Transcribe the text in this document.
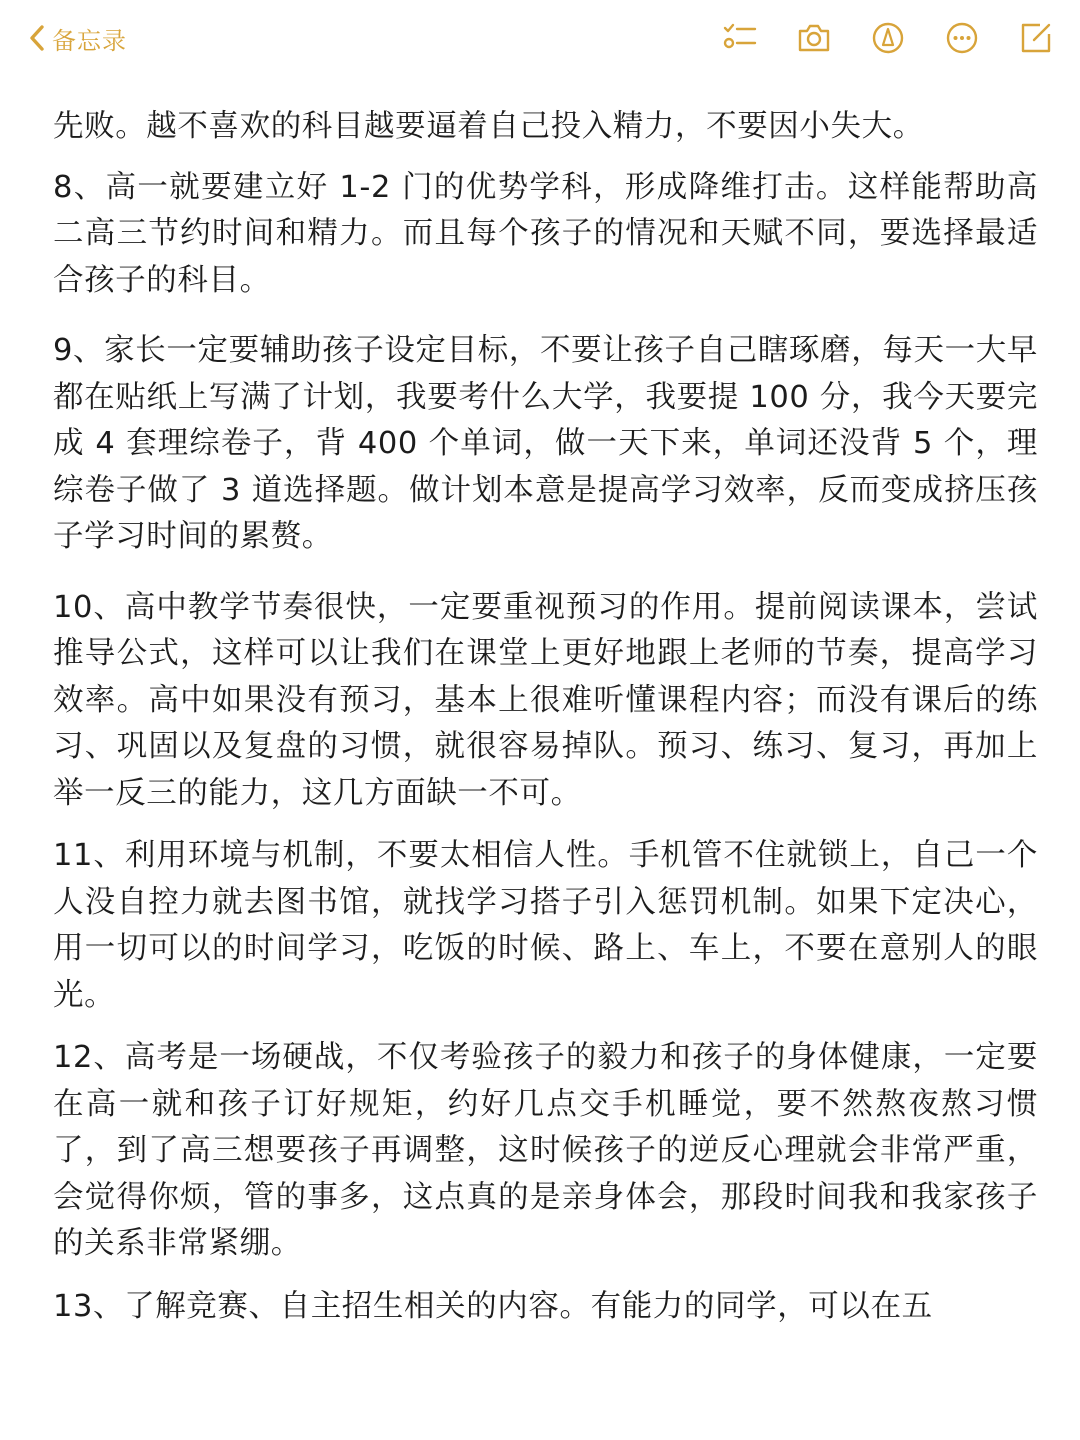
备忘录

先败。越不喜欢的科目越要逼着自己投入精力，不要因小失大。

8、高一就要建立好 1-2 门的优势学科，形成降维打击。这样能帮助高二高三节约时间和精力。而且每个孩子的情况和天赋不同，要选择最适合孩子的科目。

9、家长一定要辅助孩子设定目标，不要让孩子自己瞎琢磨，每天一大早都在贴纸上写满了计划，我要考什么大学，我要提 100 分，我今天要完成 4 套理综卷子，背 400 个单词，做一天下来，单词还没背 5 个，理综卷子做了 3 道选择题。做计划本意是提高学习效率，反而变成挤压孩子学习时间的累赘。

10、高中教学节奏很快，一定要重视预习的作用。提前阅读课本，尝试推导公式，这样可以让我们在课堂上更好地跟上老师的节奏，提高学习效率。高中如果没有预习，基本上很难听懂课程内容；而没有课后的练习、巩固以及复盘的习惯，就很容易掉队。预习、练习、复习，再加上举一反三的能力，这几方面缺一不可。

11、利用环境与机制，不要太相信人性。手机管不住就锁上，自己一个人没自控力就去图书馆，就找学习搭子引入惩罚机制。如果下定决心，用一切可以的时间学习，吃饭的时候、路上、车上，不要在意别人的眼光。

12、高考是一场硬战，不仅考验孩子的毅力和孩子的身体健康，一定要在高一就和孩子订好规矩，约好几点交手机睡觉，要不然熬夜熬习惯了，到了高三想要孩子再调整，这时候孩子的逆反心理就会非常严重，会觉得你烦，管的事多，这点真的是亲身体会，那段时间我和我家孩子的关系非常紧绷。

13、了解竞赛、自主招生相关的内容。有能力的同学，可以在五
